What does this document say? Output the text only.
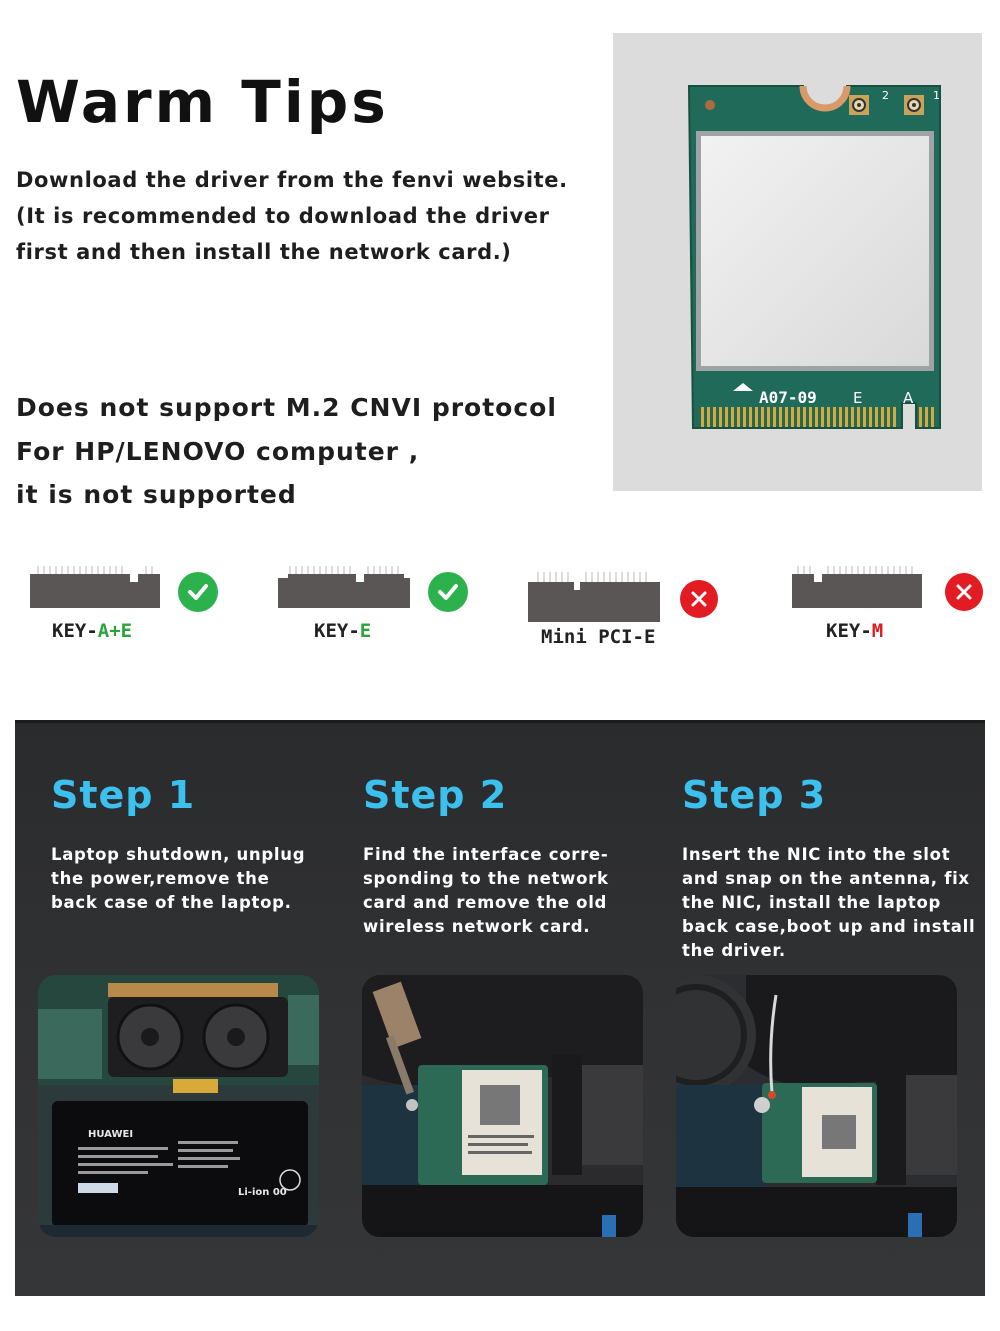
Warm Tips
Download the driver from the fenvi website.
(It is recommended to download the driver
first and then install the network card.)
Does not support M.2 CNVI protocol
For HP/LENOVO computer ,
it is not supported
2	1
A07-09 E	A
KEY-A+E	KEY-E	Mini PCI-E	KEY-M
Step 1

Laptop shutdown, unplug
the power,remove the
back case of the laptop.

Step 2

Find the interface corre-
sponding to the network
card and remove the old
wireless network card.

Step 3

Insert the NIC into the slot
and snap on the antenna, fix
the NIC, install the laptop
back case,boot up and install
the driver.

HUAWEI
Li-ion 00
